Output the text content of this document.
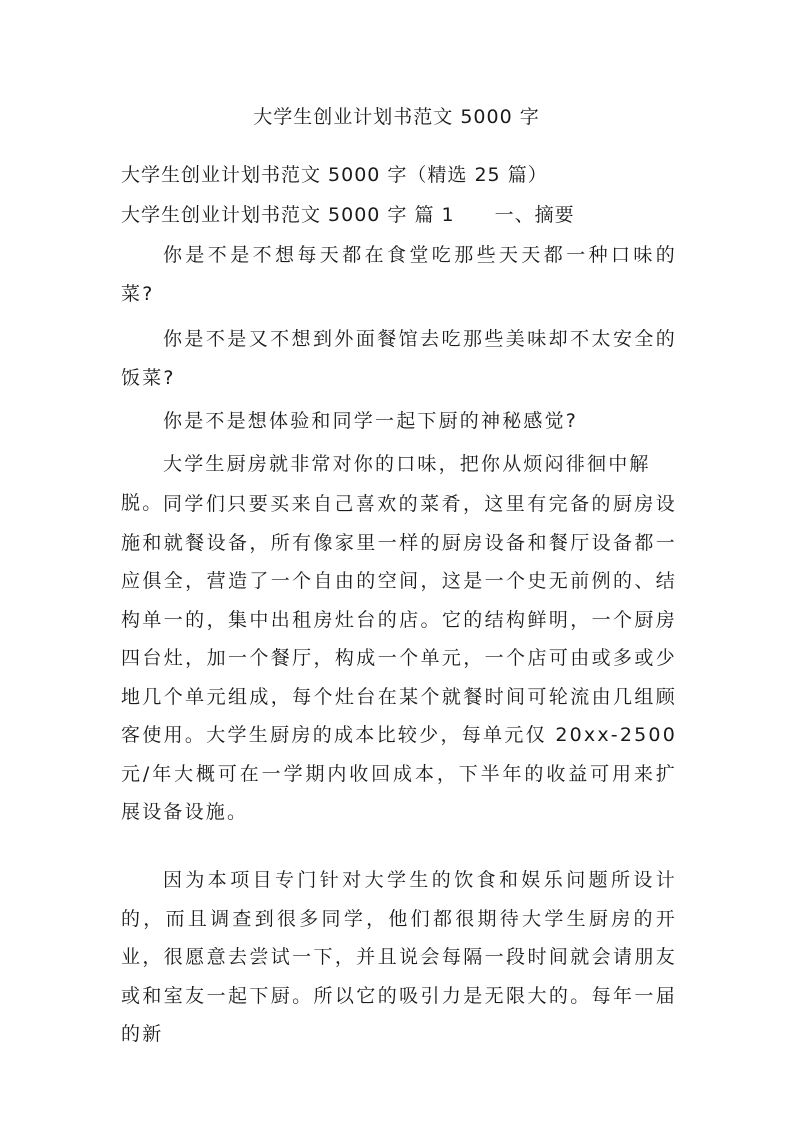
大学生创业计划书范文 5000 字
大学生创业计划书范文 5000 字（精选 25 篇）
大学生创业计划书范文 5000 字 篇 1　　一、摘要
你是不是不想每天都在食堂吃那些天天都一种口味的菜?
你是不是又不想到外面餐馆去吃那些美味却不太安全的饭菜?
你是不是想体验和同学一起下厨的神秘感觉?
大学生厨房就非常对你的口味，把你从烦闷徘徊中解脱。 同学们只要买来自己喜欢的菜肴，这里有完备的厨房设施和就餐设备，所有像家里一样的厨房设备和餐厅设备都一应俱全，营造了一个自由的空间，这是一个史无前例的、结构单一的，集中出租房灶台的店。它的结构鲜明，一个厨房四台灶，加一个餐厅，构成一个单元，一个店可由或多或少地几个单元组成，每个灶台在某个就餐时间可轮流由几组顾客使用。大学生厨房的成本比较少，每单元仅 20xx-2500 元/年大概可在一学期内收回成本，下半年的收益可用来扩展设备设施。
因为本项目专门针对大学生的饮食和娱乐问题所设计的，而且调查到很多同学，他们都很期待大学生厨房的开业，很愿意去尝试一下，并且说会每隔一段时间就会请朋友或和室友一起下厨。所以它的吸引力是无限大的。每年一届的新
